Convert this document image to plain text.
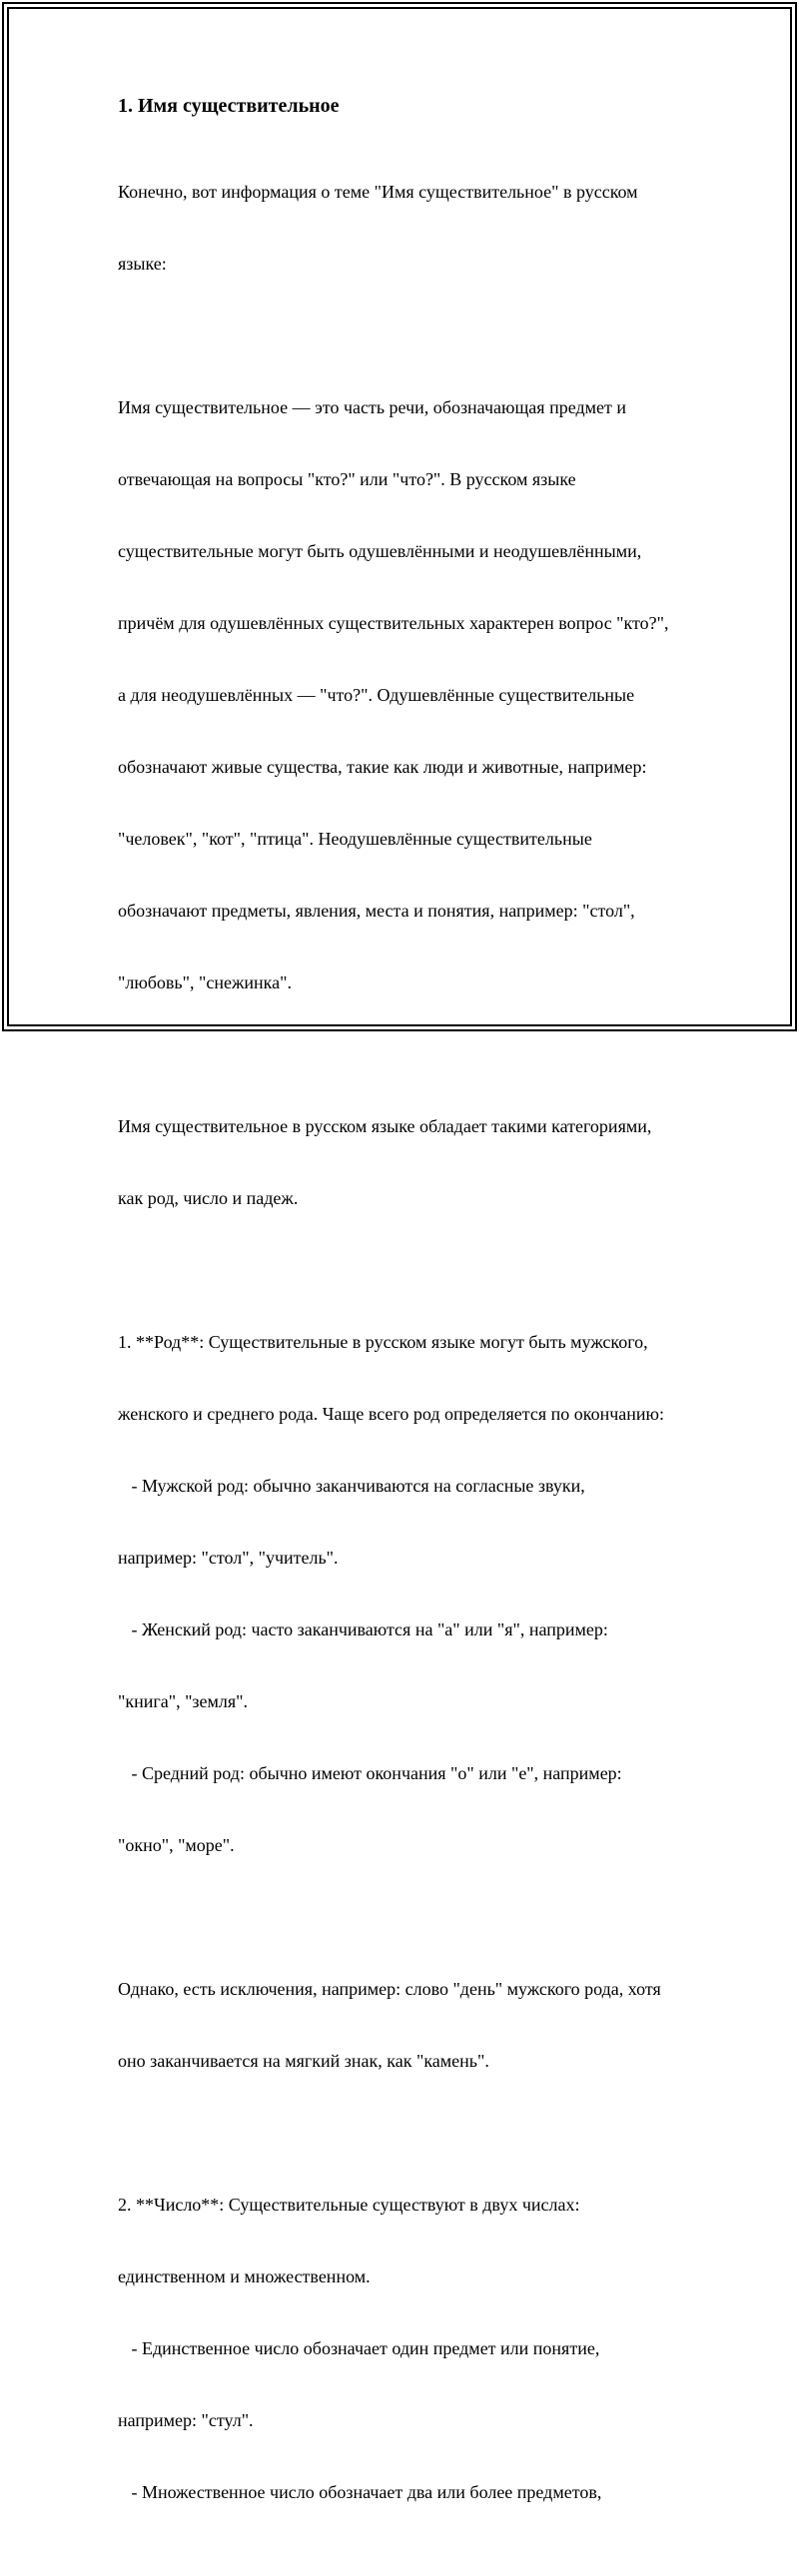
1. Имя существительное

Конечно, вот информация о теме "Имя существительное" в русском

языке:

Имя существительное — это часть речи, обозначающая предмет и

отвечающая на вопросы "кто?" или "что?". В русском языке

существительные могут быть одушевлёнными и неодушевлёнными,

причём для одушевлённых существительных характерен вопрос "кто?",

а для неодушевлённых — "что?". Одушевлённые существительные

обозначают живые существа, такие как люди и животные, например:

"человек", "кот", "птица". Неодушевлённые существительные

обозначают предметы, явления, места и понятия, например: "стол",

"любовь", "снежинка".

Имя существительное в русском языке обладает такими категориями,

как род, число и падеж.

1. **Род**: Существительные в русском языке могут быть мужского,

женского и среднего рода. Чаще всего род определяется по окончанию:

- Мужской род: обычно заканчиваются на согласные звуки,

например: "стол", "учитель".

- Женский род: часто заканчиваются на "а" или "я", например:

"книга", "земля".

- Средний род: обычно имеют окончания "о" или "е", например:

"окно", "море".

Однако, есть исключения, например: слово "день" мужского рода, хотя

оно заканчивается на мягкий знак, как "камень".

2. **Число**: Существительные существуют в двух числах:

единственном и множественном.

- Единственное число обозначает один предмет или понятие,

например: "стул".

- Множественное число обозначает два или более предметов,
